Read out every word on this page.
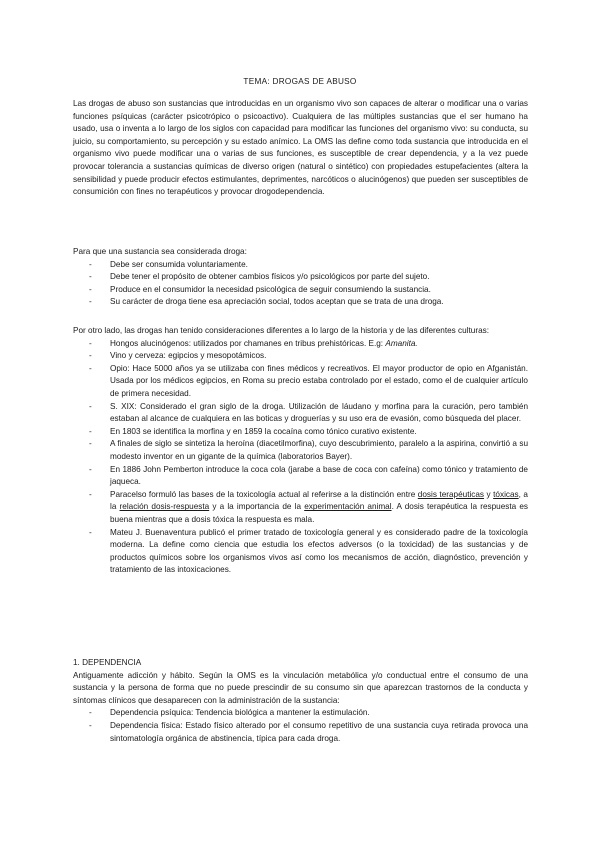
TEMA: DROGAS DE ABUSO

Las drogas de abuso son sustancias que introducidas en un organismo vivo son capaces de alterar o modificar una o varias funciones psíquicas (carácter psicotrópico o psicoactivo). Cualquiera de las múltiples sustancias que el ser humano ha usado, usa o inventa a lo largo de los siglos con capacidad para modificar las funciones del organismo vivo: su conducta, su juicio, su comportamiento, su percepción y su estado anímico. La OMS las define como toda sustancia que introducida en el organismo vivo puede modificar una o varias de sus funciones, es susceptible de crear dependencia, y a la vez puede provocar tolerancia a sustancias químicas de diverso origen (natural o sintético) con propiedades estupefacientes (altera la sensibilidad y puede producir efectos estimulantes, deprimentes, narcóticos o alucinógenos) que pueden ser susceptibles de consumición con fines no terapéuticos y provocar drogodependencia.

Para que una sustancia sea considerada droga:

- Debe ser consumida voluntariamente.
- Debe tener el propósito de obtener cambios físicos y/o psicológicos por parte del sujeto.
- Produce en el consumidor la necesidad psicológica de seguir consumiendo la sustancia.
- Su carácter de droga tiene esa apreciación social, todos aceptan que se trata de una droga.

Por otro lado, las drogas han tenido consideraciones diferentes a lo largo de la historia y de las diferentes culturas:

- Hongos alucinógenos: utilizados por chamanes en tribus prehistóricas. E.g: Amanita.
- Vino y cerveza: egipcios y mesopotámicos.
- Opio: Hace 5000 años ya se utilizaba con fines médicos y recreativos. El mayor productor de opio en Afganistán. Usada por los médicos egipcios, en Roma su precio estaba controlado por el estado, como el de cualquier artículo de primera necesidad.
- S. XIX: Considerado el gran siglo de la droga. Utilización de láudano y morfina para la curación, pero también estaban al alcance de cualquiera en las boticas y droguerías y su uso era de evasión, como búsqueda del placer.
- En 1803 se identifica la morfina y en 1859 la cocaína como tónico curativo existente.
- A finales de siglo se sintetiza la heroína (diacetilmorfina), cuyo descubrimiento, paralelo a la aspirina, convirtió a su modesto inventor en un gigante de la química (laboratorios Bayer).
- En 1886 John Pemberton introduce la coca cola (jarabe a base de coca con cafeína) como tónico y tratamiento de jaqueca.
- Paracelso formuló las bases de la toxicología actual al referirse a la distinción entre dosis terapéuticas y tóxicas, a la relación dosis-respuesta y a la importancia de la experimentación animal. A dosis terapéutica la respuesta es buena mientras que a dosis tóxica la respuesta es mala.
- Mateu J. Buenaventura publicó el primer tratado de toxicología general y es considerado padre de la toxicología moderna. La define como ciencia que estudia los efectos adversos (o la toxicidad) de las sustancias y de productos químicos sobre los organismos vivos así como los mecanismos de acción, diagnóstico, prevención y tratamiento de las intoxicaciones.

1. DEPENDENCIA

Antiguamente adicción y hábito. Según la OMS es la vinculación metabólica y/o conductual entre el consumo de una sustancia y la persona de forma que no puede prescindir de su consumo sin que aparezcan trastornos de la conducta y síntomas clínicos que desaparecen con la administración de la sustancia:

- Dependencia psíquica: Tendencia biológica a mantener la estimulación.
- Dependencia física: Estado físico alterado por el consumo repetitivo de una sustancia cuya retirada provoca una sintomatología orgánica de abstinencia, típica para cada droga.
